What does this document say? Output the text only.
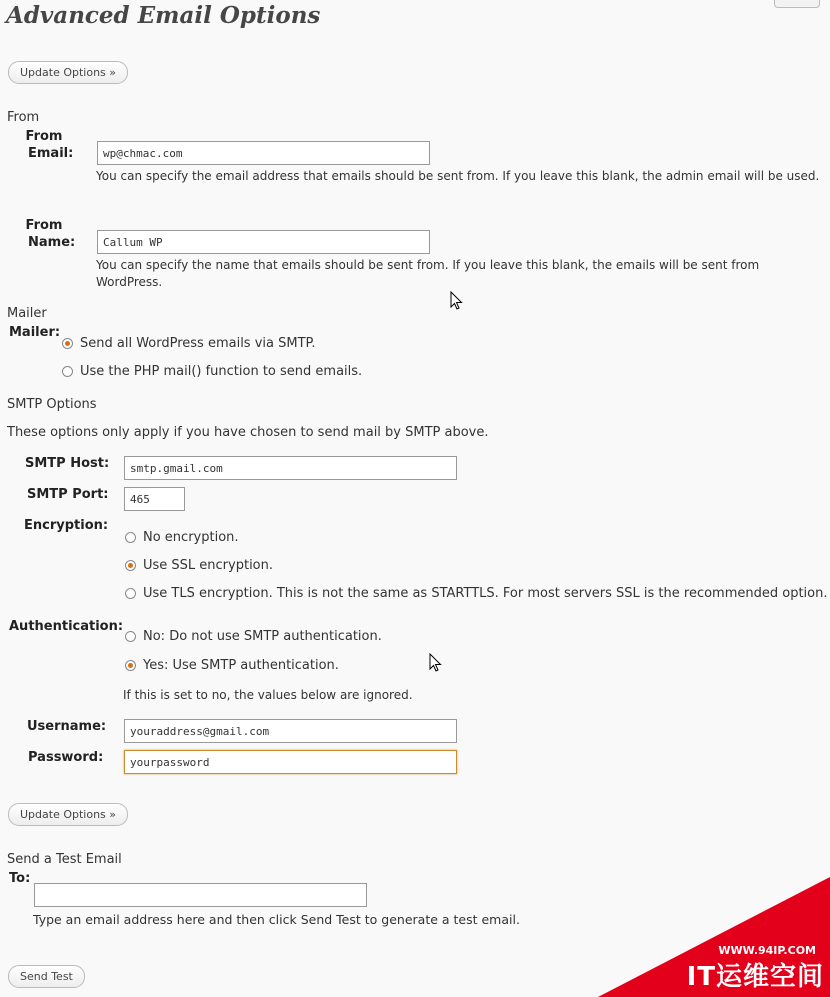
Advanced Email Options
Update Options »
From
From
Email:
wp@chmac.com
You can specify the email address that emails should be sent from. If you leave this blank, the admin email will be used.
From
Name:
Callum WP
You can specify the name that emails should be sent from. If you leave this blank, the emails will be sent from WordPress.
Mailer
Mailer:
Send all WordPress emails via SMTP.
Use the PHP mail() function to send emails.
SMTP Options
These options only apply if you have chosen to send mail by SMTP above.
SMTP Host:
smtp.gmail.com
SMTP Port:
465
Encryption:
No encryption.
Use SSL encryption.
Use TLS encryption. This is not the same as STARTTLS. For most servers SSL is the recommended option.
Authentication:
No: Do not use SMTP authentication.
Yes: Use SMTP authentication.
If this is set to no, the values below are ignored.
Username:
youraddress@gmail.com
Password:
yourpassword
Update Options »
Send a Test Email
To:
Type an email address here and then click Send Test to generate a test email.
Send Test
WWW.94IP.COM
IT运维空间
